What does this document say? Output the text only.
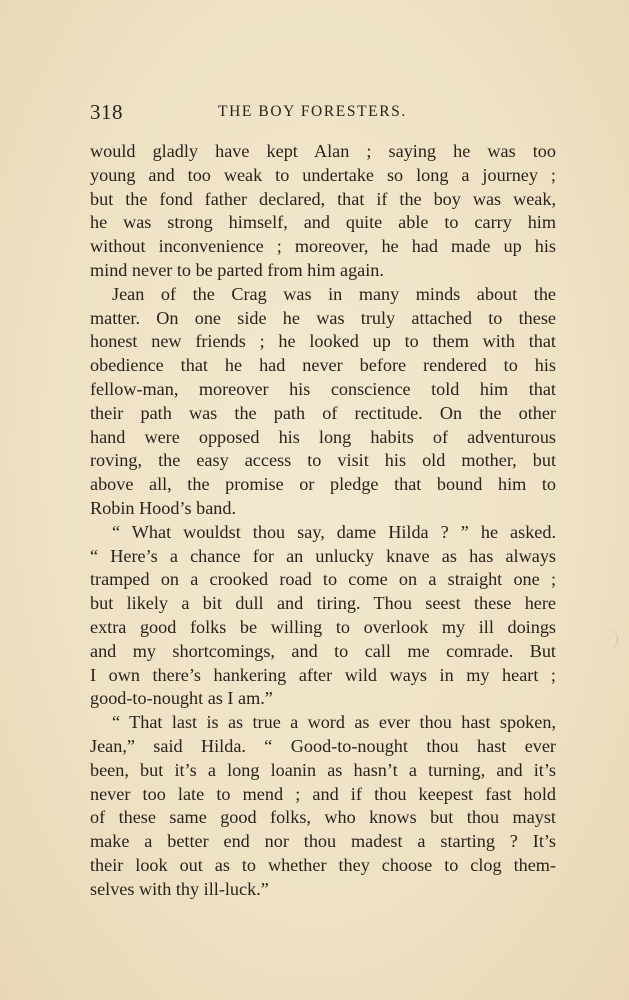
318	THE BOY FORESTERS.
would gladly have kept Alan ; saying he was too
young and too weak to undertake so long a journey ;
but the fond father declared, that if the boy was weak,
he was strong himself, and quite able to carry him
without inconvenience ; moreover, he had made up his
mind never to be parted from him again.
Jean of the Crag was in many minds about the
matter. On one side he was truly attached to these
honest new friends ; he looked up to them with that
obedience that he had never before rendered to his
fellow-man, moreover his conscience told him that
their path was the path of rectitude. On the other
hand were opposed his long habits of adventurous
roving, the easy access to visit his old mother, but
above all, the promise or pledge that bound him to
Robin Hood’s band.
“ What wouldst thou say, dame Hilda ? ” he asked.
“ Here’s a chance for an unlucky knave as has always
tramped on a crooked road to come on a straight one ;
but likely a bit dull and tiring. Thou seest these here
extra good folks be willing to overlook my ill doings
and my shortcomings, and to call me comrade. But
I own there’s hankering after wild ways in my heart ;
good-to-nought as I am.”
“ That last is as true a word as ever thou hast spoken,
Jean,” said Hilda. “ Good-to-nought thou hast ever
been, but it’s a long loanin as hasn’t a turning, and it’s
never too late to mend ; and if thou keepest fast hold
of these same good folks, who knows but thou mayst
make a better end nor thou madest a starting ? It’s
their look out as to whether they choose to clog them-
selves with thy ill-luck.”
